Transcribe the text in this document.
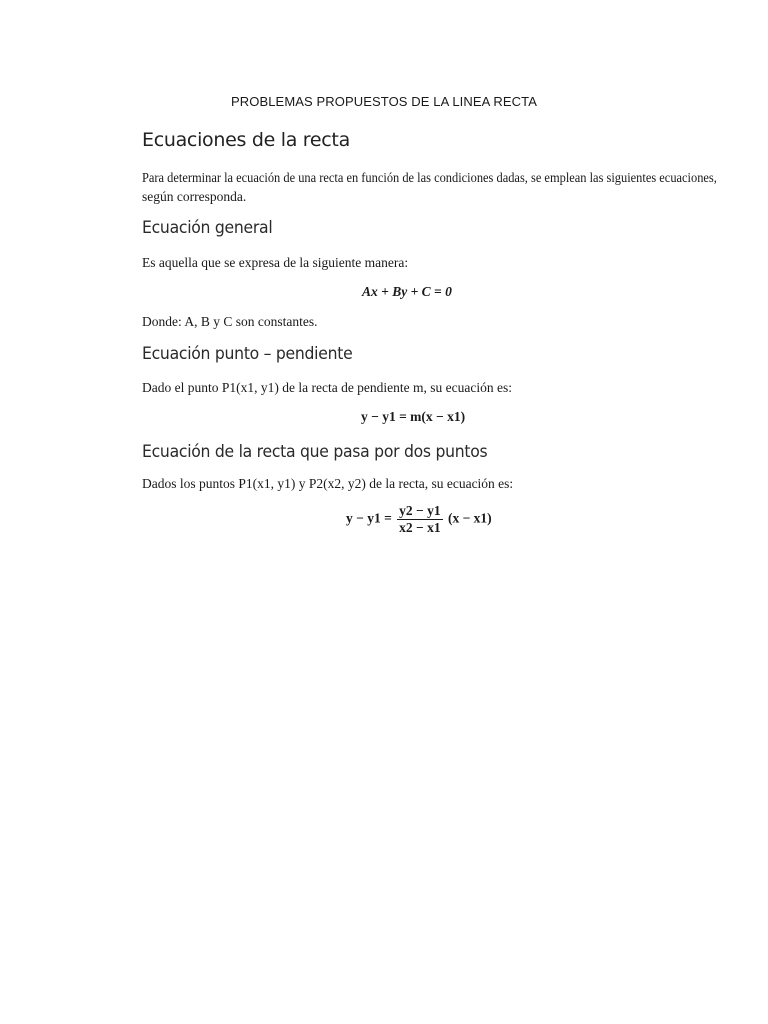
PROBLEMAS PROPUESTOS DE LA LINEA RECTA
Ecuaciones de la recta
Para determinar la ecuación de una recta en función de las condiciones dadas, se emplean las siguientes ecuaciones,
según corresponda.
Ecuación general
Es aquella que se expresa de la siguiente manera:
Ax + By + C = 0
Donde: A, B y C son constantes.
Ecuación punto – pendiente
Dado el punto P1(x1, y1) de la recta de pendiente m, su ecuación es:
y − y1 = m(x − x1)
Ecuación de la recta que pasa por dos puntos
Dados los puntos P1(x1, y1) y P2(x2, y2) de la recta, su ecuación es:
$y - y1 = \frac{y2 - y1}{x2 - x1} (x - x1)$
